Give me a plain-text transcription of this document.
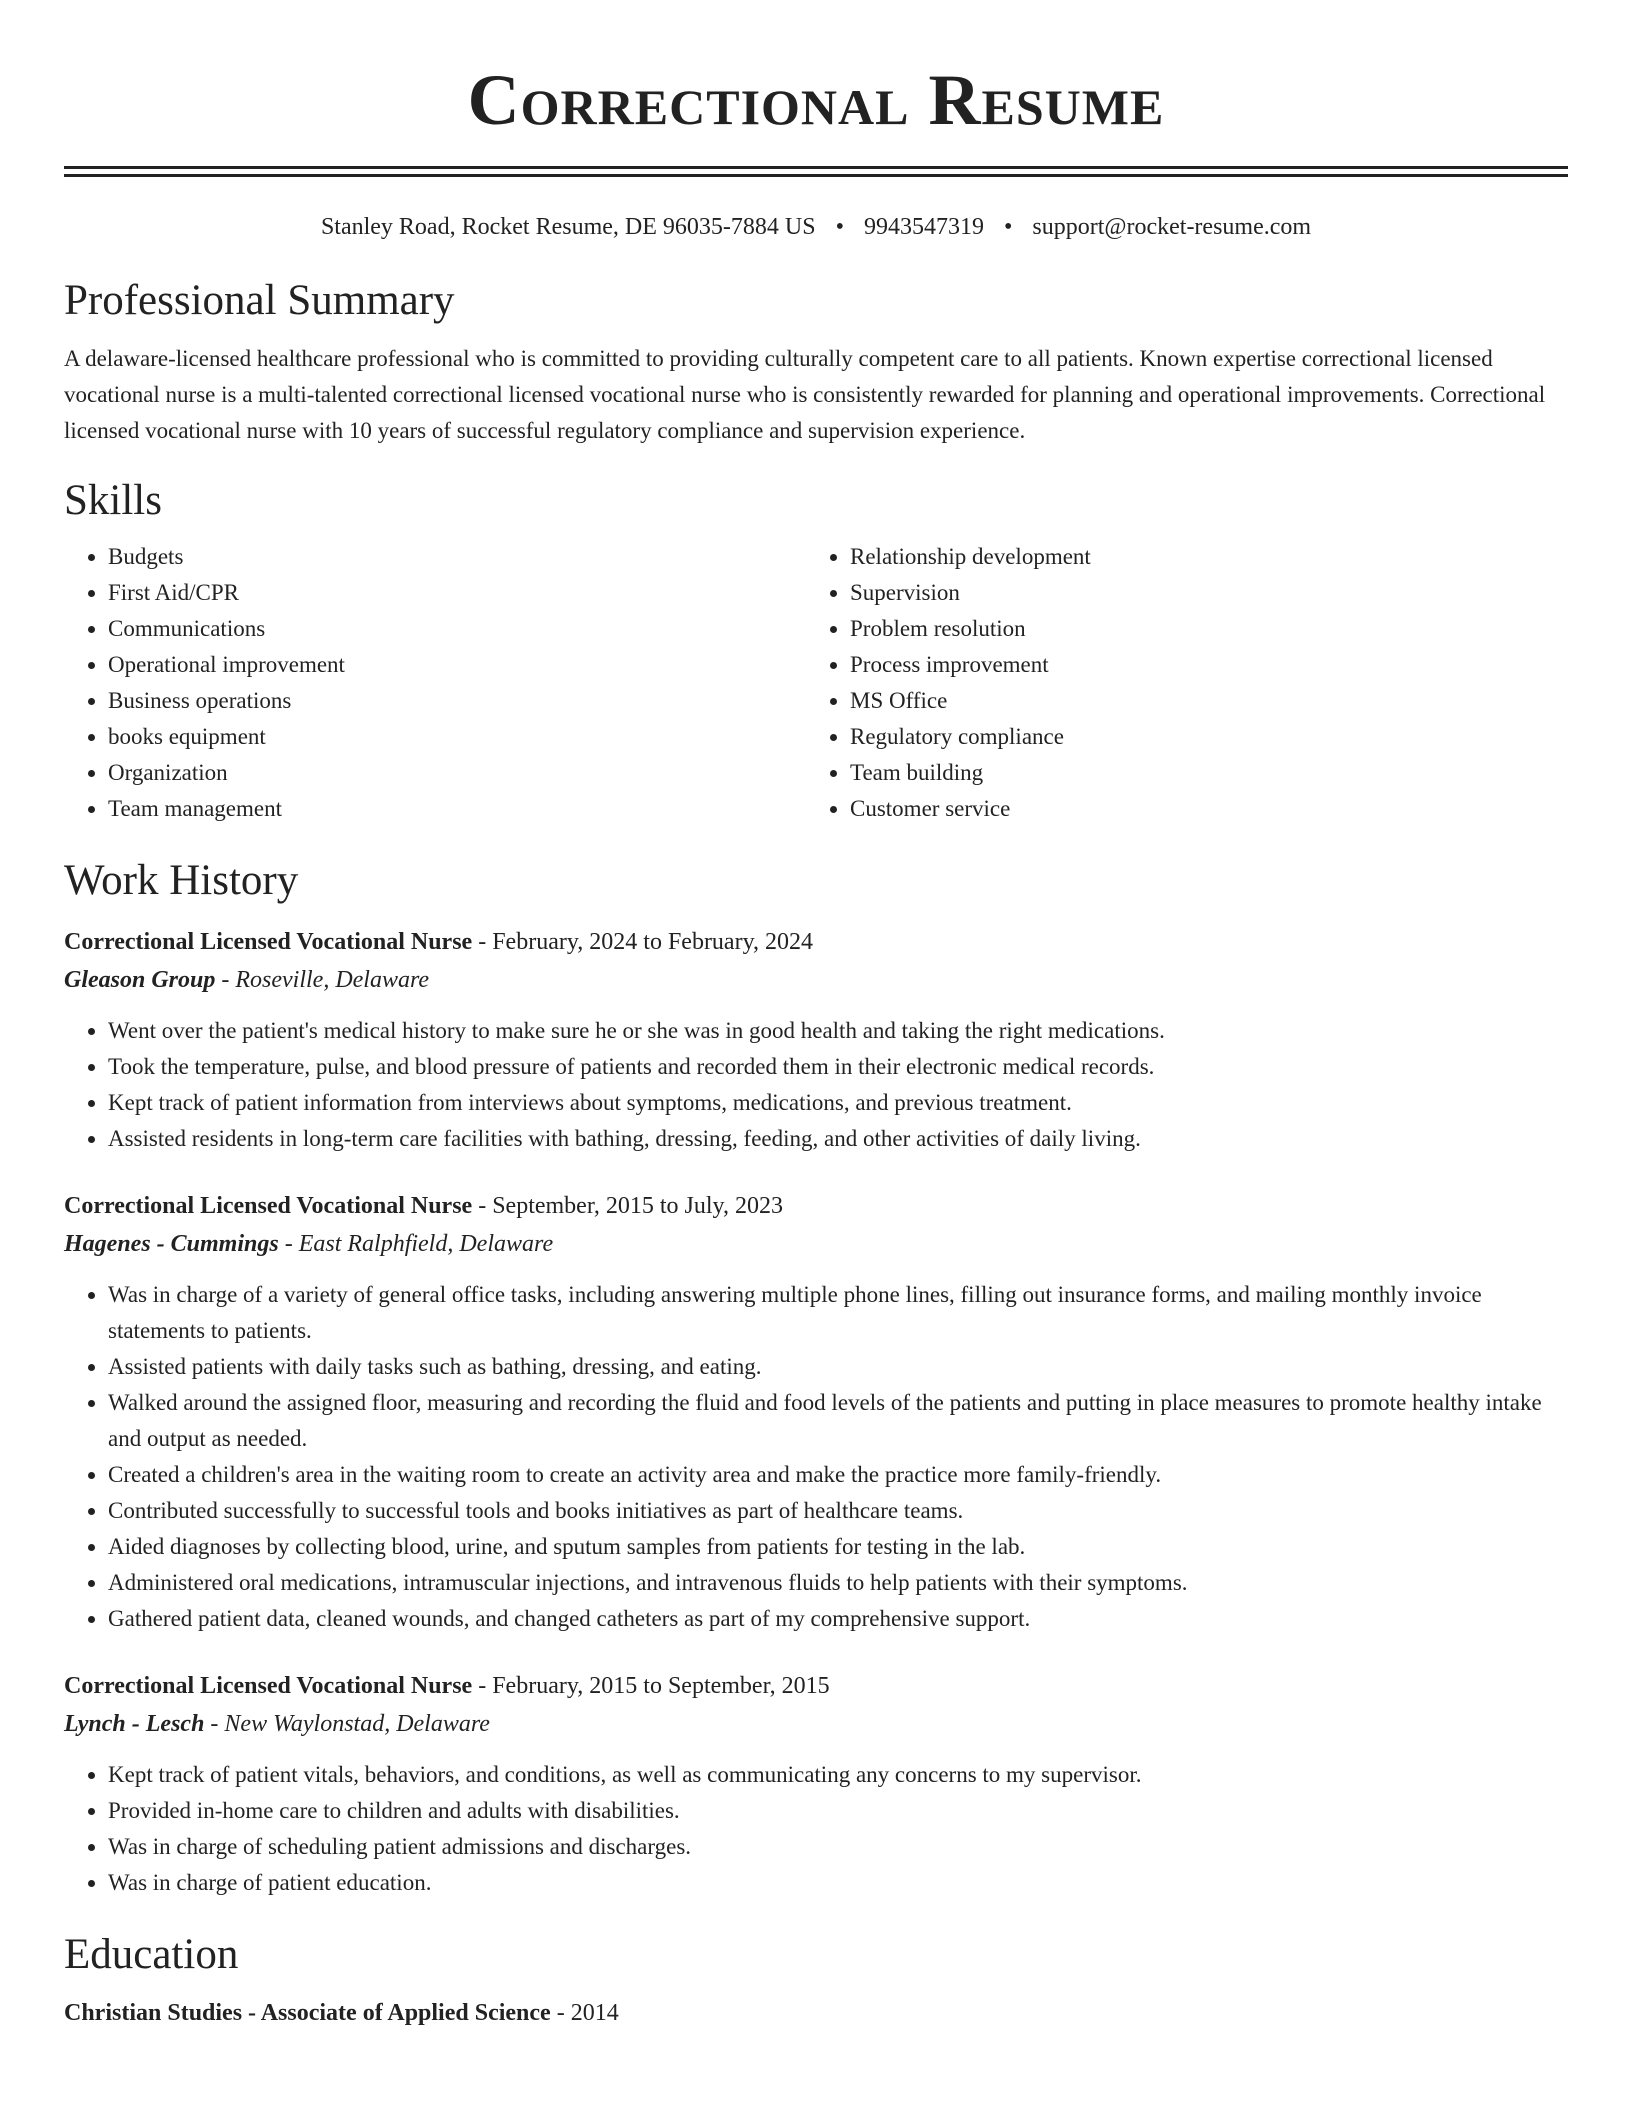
Correctional Resume
Stanley Road, Rocket Resume, DE 96035-7884 US • 9943547319 • support@rocket-resume.com
Professional Summary

A delaware-licensed healthcare professional who is committed to providing culturally competent care to all patients. Known expertise correctional licensed vocational nurse is a multi-talented correctional licensed vocational nurse who is consistently rewarded for planning and operational improvements. Correctional licensed vocational nurse with 10 years of successful regulatory compliance and supervision experience.

Skills
• Budgets
• First Aid/CPR
• Communications
• Operational improvement
• Business operations
• books equipment
• Organization
• Team management
• Relationship development
• Supervision
• Problem resolution
• Process improvement
• MS Office
• Regulatory compliance
• Team building
• Customer service
Work History

Correctional Licensed Vocational Nurse - February, 2024 to February, 2024

Gleason Group - Roseville, Delaware

• Went over the patient's medical history to make sure he or she was in good health and taking the right medications.
• Took the temperature, pulse, and blood pressure of patients and recorded them in their electronic medical records.
• Kept track of patient information from interviews about symptoms, medications, and previous treatment.
• Assisted residents in long-term care facilities with bathing, dressing, feeding, and other activities of daily living.

Correctional Licensed Vocational Nurse - September, 2015 to July, 2023

Hagenes - Cummings - East Ralphfield, Delaware

• Was in charge of a variety of general office tasks, including answering multiple phone lines, filling out insurance forms, and mailing monthly invoice statements to patients.
• Assisted patients with daily tasks such as bathing, dressing, and eating.
• Walked around the assigned floor, measuring and recording the fluid and food levels of the patients and putting in place measures to promote healthy intake and output as needed.
• Created a children's area in the waiting room to create an activity area and make the practice more family-friendly.
• Contributed successfully to successful tools and books initiatives as part of healthcare teams.
• Aided diagnoses by collecting blood, urine, and sputum samples from patients for testing in the lab.
• Administered oral medications, intramuscular injections, and intravenous fluids to help patients with their symptoms.
• Gathered patient data, cleaned wounds, and changed catheters as part of my comprehensive support.

Correctional Licensed Vocational Nurse - February, 2015 to September, 2015

Lynch - Lesch - New Waylonstad, Delaware

• Kept track of patient vitals, behaviors, and conditions, as well as communicating any concerns to my supervisor.
• Provided in-home care to children and adults with disabilities.
• Was in charge of scheduling patient admissions and discharges.
• Was in charge of patient education.
Education

Christian Studies - Associate of Applied Science - 2014
